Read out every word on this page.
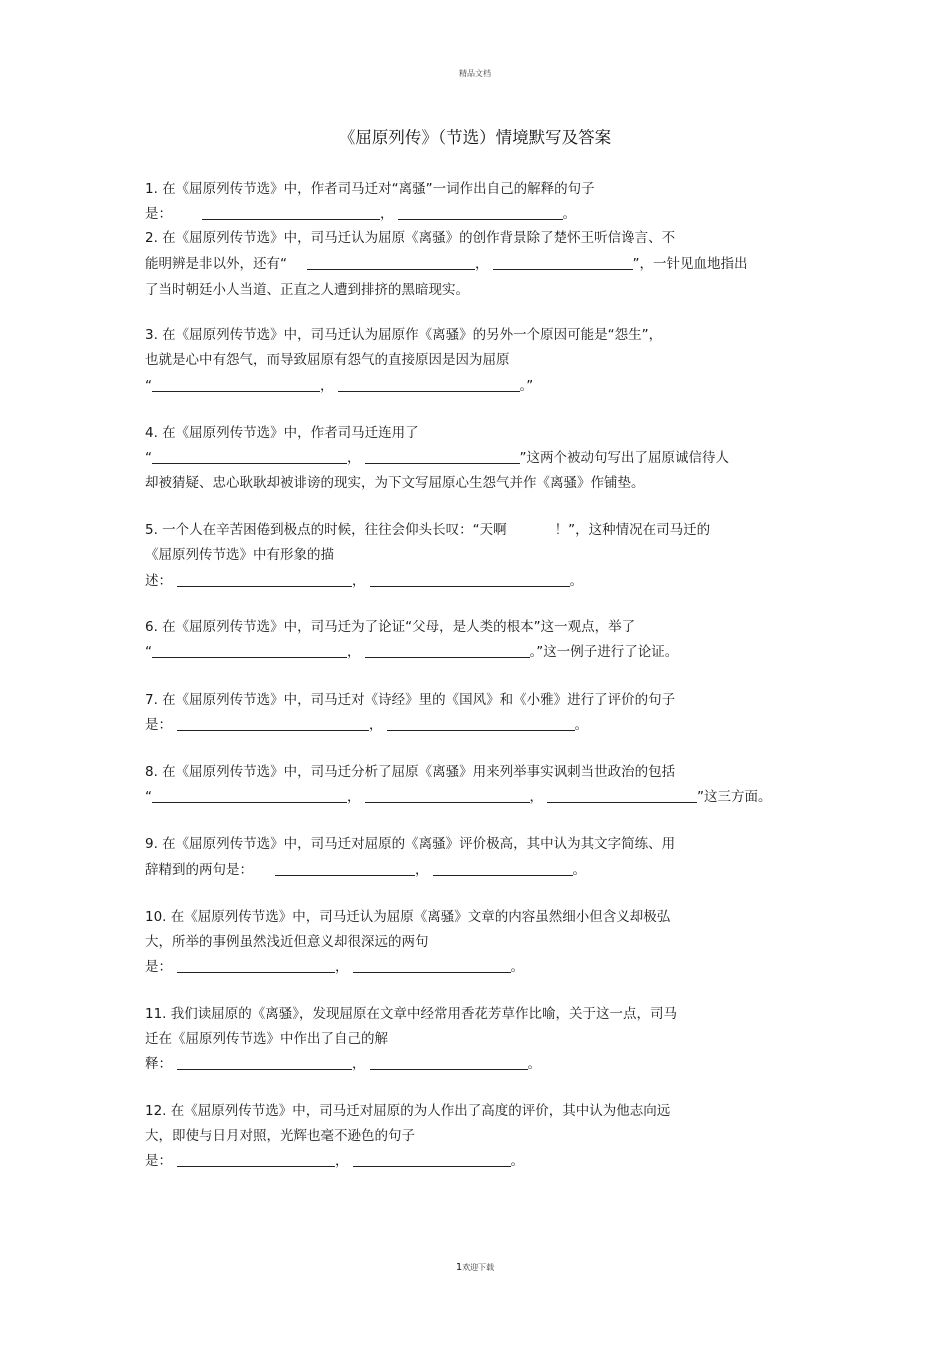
精品文档
《屈原列传》（节选）情境默写及答案
1. 在《屈原列传节选》中，作者司马迁对“离骚”一词作出自己的解释的句子
是：	，	。
2. 在《屈原列传节选》中，司马迁认为屈原《离骚》的创作背景除了楚怀王听信谗言、不
能明辨是非以外，还有“	，	”，一针见血地指出
了当时朝廷小人当道、正直之人遭到排挤的黑暗现实。
3. 在《屈原列传节选》中，司马迁认为屈原作《离骚》的另外一个原因可能是“怨生”，
也就是心中有怨气，而导致屈原有怨气的直接原因是因为屈原
“	，	。”
4. 在《屈原列传节选》中，作者司马迁连用了
“	，	”这两个被动句写出了屈原诚信待人
却被猜疑、忠心耿耿却被诽谤的现实，为下文写屈原心生怨气并作《离骚》作铺垫。
5. 一个人在辛苦困倦到极点的时候，往往会仰头长叹：“天啊	！”，这种情况在司马迁的
《屈原列传节选》中有形象的描
述：	，	。
6. 在《屈原列传节选》中，司马迁为了论证“父母，是人类的根本”这一观点，举了
“	，	。”这一例子进行了论证。
7. 在《屈原列传节选》中，司马迁对《诗经》里的《国风》和《小雅》进行了评价的句子
是：	，	。
8. 在《屈原列传节选》中，司马迁分析了屈原《离骚》用来列举事实讽刺当世政治的包括
“	，	，	”这三方面。
9. 在《屈原列传节选》中，司马迁对屈原的《离骚》评价极高，其中认为其文字简练、用
辞精到的两句是：	，	。
10. 在《屈原列传节选》中，司马迁认为屈原《离骚》文章的内容虽然细小但含义却极弘
大，所举的事例虽然浅近但意义却很深远的两句
是：	，	。
11. 我们读屈原的《离骚》，发现屈原在文章中经常用香花芳草作比喻，关于这一点，司马
迁在《屈原列传节选》中作出了自己的解
释：	，	。
12. 在《屈原列传节选》中，司马迁对屈原的为人作出了高度的评价，其中认为他志向远
大，即使与日月对照，光辉也毫不逊色的句子
是：	，	。
1欢迎下载
